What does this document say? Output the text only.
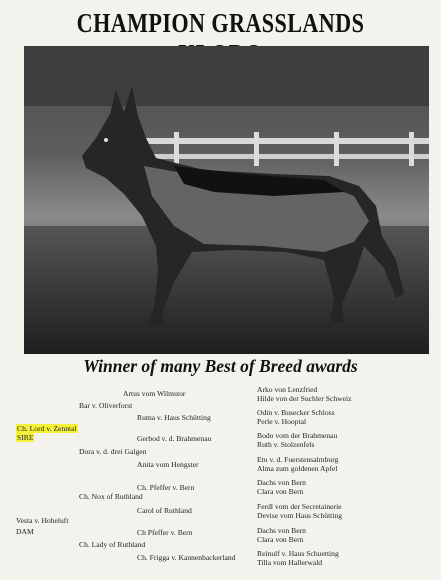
CHAMPION GRASSLANDS
Winner of many Best of Breed awards
Artus vom Wilmstor
Bar v. Oliverforst
Ruma v. Haus Schütting
Ch. Lord v. Zenntal
SIRE	Gerbod v. d. Brahmenau
Dora v. d. drei Galgen
Anita vom Hengster
Ch. Pfeffer v. Bern
Ch. Nox of Ruthland
Carol of Ruthland
Vesta v. Hoheluft
DAM	Ch Pfeffer v. Bern
Ch. Lady of Ruthland
Ch. Frigga v. Kannenbackerland
Arko von Lenzfried
Hilde von der Suchler Schweiz
Odin v. Busecker Schloss
Perle v. Hooptal
Bodo vom der Brahmenau
Ruth v. Stolzenfels
Etu v. d. Fuerstensalmburg
Alma zum goldenen Apfel
Dachs von Bern
Clara von Bern
Ferdl vom der Secretainerie
Devise vom Haus Schütting
Dachs von Bern
Clara von Bern
Reinulf v. Haus Schuetting
Tilla vom Hallerwald
